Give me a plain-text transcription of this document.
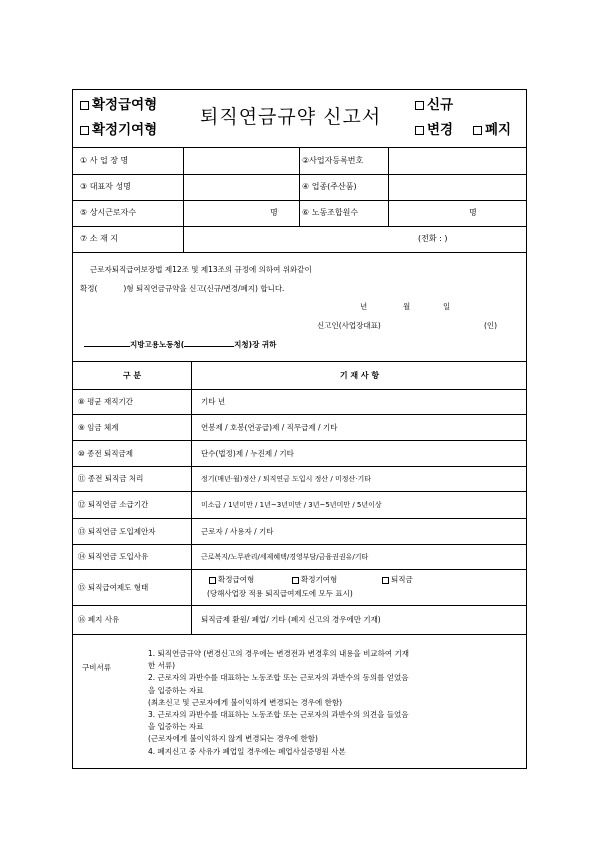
확정급여형
확정기여형
퇴직연금규약 신고서
신규
변경	폐지
① 사 업 장 명	②사업자등록번호
③ 대표자 성명	④ 업종(주산품)
⑤ 상시근로자수	명	⑥ 노동조합원수	명
⑦ 소 재 지	(전화 : )
근로자퇴직급여보장법 제12조 및 제13조의 규정에 의하여 위와같이
확정(	)형 퇴직연금규약을 신고(신규/변경/폐지) 합니다.
년	월	일
신고인(사업장대표)	(인)
지방고용노동청(	지청)장 귀하
구 분	기 재 사 항
⑧ 평균 재직기간	기타 년
⑨ 임금 체계	연봉제 / 호봉(연공급)제 / 직무급제 / 기타
⑩ 종전 퇴직금제	단수(법정)제 / 누진제 / 기타
⑪ 종전 퇴직금 처리	정기(매년·월)정산 / 퇴직연금 도입시 정산 / 미정산·기타
⑫ 퇴직연금 소급기간	미소급 / 1년미만 / 1년~3년미만 / 3년~5년미만 / 5년이상
⑬ 퇴직연금 도입제안자	근로자 / 사용자 / 기타
⑭ 퇴직연금 도입사유	근로복지/노무관리/세제혜택/경영부담/금융권권유/기타
⑮ 퇴직급여제도 형태
확정급여형	확정기여형	퇴직금
(당해사업장 적용 퇴직급여제도에 모두 표시)
⑯ 폐지 사유	퇴직금제 환원/ 폐업/ 기타 (폐지 신고의 경우에만 기재)
구비서류
1. 퇴직연금규약 (변경신고의 경우에는 변경전과 변경후의 내용을 비교하여 기재
한 서류)
2. 근로자의 과반수를 대표하는 노동조합 또는 근로자의 과반수의 동의를 얻었음
을 입증하는 자료
(최초신고 및 근로자에게 불이익하게 변경되는 경우에 한함)
3. 근로자의 과반수를 대표하는 노동조합 또는 근로자의 과반수의 의견을 들었음
을 입증하는 자료
(근로자에게 불이익하지 않게 변경되는 경우에 한함)
4. 폐지신고 중 사유가 폐업일 경우에는 폐업사실증명원 사본
